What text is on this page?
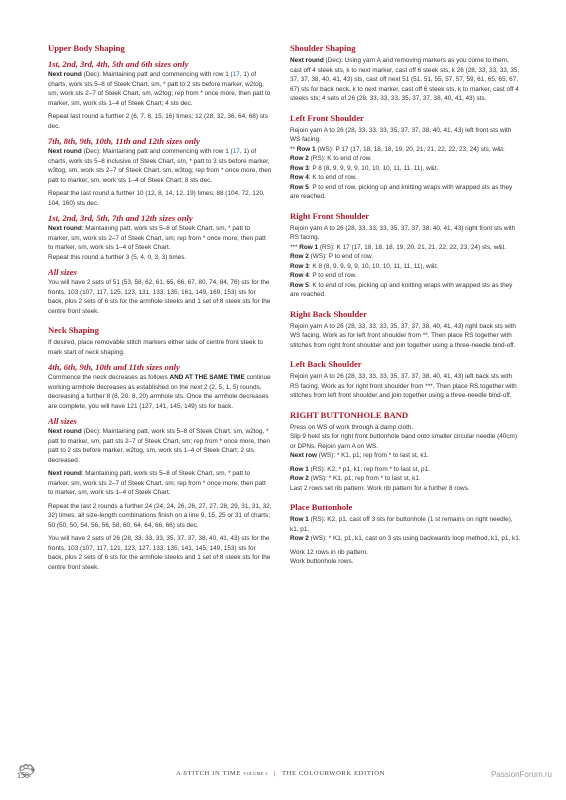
Upper Body Shaping
1st, 2nd, 3rd, 4th, 5th and 6th sizes only

Next round (Dec): Maintaining patt and commencing with row 1 (17, 1) of charts, work sts 5–8 of Steek Chart, sm, * patt to 2 sts before marker, w2tog, sm, work sts 2–7 of Steek Chart, sm, w2tog; rep from * once more, then patt to marker, sm, work sts 1–4 of Steek Chart; 4 sts dec.

Repeat last round a further 2 (6, 7, 8, 15, 16) times; 12 (28, 32, 36, 64, 68) sts dec.

7th, 8th, 9th, 10th, 11th and 12th sizes only

Next round (Dec): Maintaining patt and commencing with row 1 (17, 1) of charts, work sts 5–8 inclusive of Steek Chart, sm, * patt to 3 sts before marker, w3tog, sm, work sts 2–7 of Steek Chart, sm, w3tog; rep from * once more, then patt to marker, sm, work sts 1–4 of Steek Chart; 8 sts dec.

Repeat the last round a further 10 (12, 8, 14, 12, 19) times; 88 (104, 72, 120, 104, 160) sts dec.

1st, 2nd, 3rd, 5th, 7th and 12th sizes only

Next round: Maintaining patt, work sts 5–8 of Steek Chart, sm, * patt to marker, sm, work sts 2–7 of Steek Chart, sm; rep from * once more, then patt to marker, sm, work sts 1–4 of Steek Chart.
Repeat this round a further 3 (5, 4, 0, 3, 3) times.

All sizes

You will have 2 sets of 51 (53, 58, 62, 61, 65, 66, 67, 80, 74, 84, 76) sts for the fronts, 103 (107, 117, 125, 123, 131, 133, 135, 161, 149, 169, 153) sts for back, plus 2 sets of 6 sts for the armhole steeks and 1 set of 8 steek sts for the centre front steek.

Neck Shaping

If desired, place removable stitch markers either side of centre front steek to mark start of neck shaping.

4th, 6th, 9th, 10th and 11th sizes only

Commence the neck decreases as follows AND AT THE SAME TIME continue working armhole decreases as established on the next 2 (2, 5, 1, 5) rounds, decreasing a further 8 (8, 20, 8, 20) armhole sts. Once the armhole decreases are complete, you will have 121 (127, 141, 145, 149) sts for back.

All sizes

Next round (Dec): Maintaining patt, work sts 5–8 of Steek Chart, sm, w2tog, * patt to marker, sm, patt sts 2–7 of Steek Chart, sm; rep from * once more, then patt to 2 sts before marker, w2tog, sm, work sts 1–4 of Steek Chart; 2 sts decreased.

Next round: Maintaining patt, work sts 5–8 of Steek Chart, sm, * patt to marker, sm, work sts 2–7 of Steek Chart, sm; rep from * once more, then patt to marker, sm, work sts 1–4 of Steek Chart.

Repeat the last 2 rounds a further 24 (24, 24, 26, 26, 27, 27, 28, 29, 31, 31, 32, 32) times; all size-length combinations finish on a line 9, 15, 25 or 31 of charts; 50 (50, 50, 54, 56, 56, 58, 60, 64, 64, 66, 66) sts dec.

You will have 2 sets of 26 (28, 33, 33, 33, 35, 37, 37, 38, 40, 41, 43) sts for the fronts, 103 (107, 117, 121, 123, 127, 133, 135, 141, 145, 149, 153) sts for back, plus 2 sets of 6 sts for the armhole steeks and 1 set of 8 steek sts for the centre front steek.

Shoulder Shaping

Next round (Dec): Using yarn A and removing markers as you come to them, cast off 4 steek sts, k to next marker, cast off 6 steek sts, k 26 (28, 33, 33, 33, 35, 37, 37, 38, 40, 41, 43) sts, cast off next 51 (51, 51, 55, 57, 57, 59, 61, 65, 65, 67, 67) sts for back neck, k to next marker, cast off 6 steek sts, k to marker, cast off 4 steeks sts; 4 sets of 26 (28, 33, 33, 33, 35, 37, 37, 38, 40, 41, 43) sts.

Left Front Shoulder

Rejoin yarn A to 26 (28, 33, 33, 33, 35, 37, 37, 38, 40, 41, 43) left front sts with WS facing.
** Row 1 (WS): P 17 (17, 18, 18, 18, 19, 20, 21, 21, 22, 22, 23, 24) sts, w&t.
Row 2 (RS): K to end of row.
Row 3: P 8 (8, 9, 9, 9, 9, 10, 10, 10, 11, 11, 11), w&t.
Row 4: K to end of row.
Row 5: P to end of row, picking up and knitting wraps with wrapped sts as they are reached.

Right Front Shoulder

Rejoin yarn A to 26 (28, 33, 33, 33, 35, 37, 37, 38, 40, 41, 43) right front sts with RS facing.
*** Row 1 (RS): K 17 (17, 18, 18, 18, 19, 20, 21, 21, 22, 22, 23, 24) sts, w&t.
Row 2 (WS): P to end of row.
Row 3: K 8 (8, 9, 9, 9, 9, 10, 10, 10, 11, 11, 11), w&t.
Row 4: P to end of row.
Row 5: K to end of row, picking up and knitting wraps with wrapped sts as they are reached.

Right Back Shoulder

Rejoin yarn A to 26 (28, 33, 33, 33, 35, 37, 37, 38, 40, 41, 43) right back sts with WS facing. Work as for left front shoulder from **. Then place RS together with stitches from right front shoulder and join together using a three-needle bind-off.

Left Back Shoulder

Rejoin yarn A to 26 (28, 33, 33, 33, 35, 37, 37, 38, 40, 41, 43) left back sts with RS facing. Work as for right front shoulder from ***. Then place RS together with stitches from left front shoulder and join together using a three-needle bind-off.

RIGHT BUTTONHOLE BAND

Press on WS of work through a damp cloth.
Slip 9 held sts for right front buttonhole band onto smaller circular needle (40cm) or DPNs. Rejoin yarn A on WS.
Next row (WS): * K1, p1; rep from * to last st, k1.

Row 1 (RS): K2, * p1, k1; rep from * to last st, p1.
Row 2 (WS): * K1, p1; rep from * to last st, k1.
Last 2 rows set rib pattern. Work rib pattern for a further 8 rows.

Place Buttonhole

Row 1 (RS): K2, p1, cast off 3 sts for buttonhole (1 st remains on right needle), k1, p1.
Row 2 (WS): * K1, p1, k1, cast on 3 sts using backwards loop method, k1, p1, k1.

Work 12 rows in rib pattern.
Work buttonhole rows.

158	A STITCH IN TIME VOLUME 3 | THE COLOURWORK EDITION	PassionForum.ru
